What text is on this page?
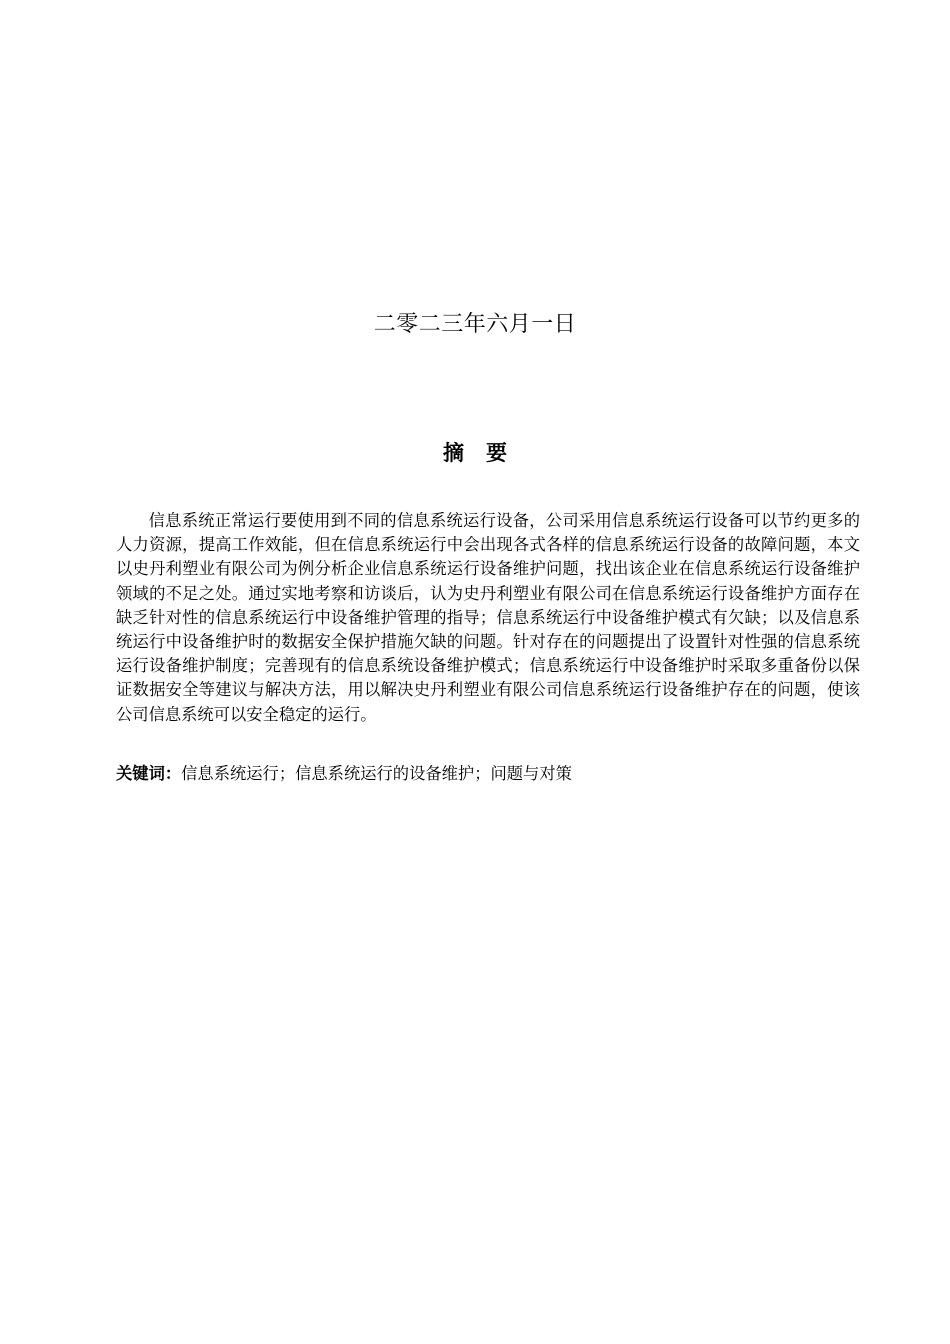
二零二三年六月一日
摘 要

信息系统正常运行要使用到不同的信息系统运行设备，公司采用信息系统运行设备可以节约更多的人力资源，提高工作效能，但在信息系统运行中会出现各式各样的信息系统运行设备的故障问题，本文以史丹利塑业有限公司为例分析企业信息系统运行设备维护问题，找出该企业在信息系统运行设备维护领域的不足之处。通过实地考察和访谈后，认为史丹利塑业有限公司在信息系统运行设备维护方面存在缺乏针对性的信息系统运行中设备维护管理的指导；信息系统运行中设备维护模式有欠缺；以及信息系统运行中设备维护时的数据安全保护措施欠缺的问题。针对存在的问题提出了设置针对性强的信息系统运行设备维护制度；完善现有的信息系统设备维护模式；信息系统运行中设备维护时采取多重备份以保证数据安全等建议与解决方法，用以解决史丹利塑业有限公司信息系统运行设备维护存在的问题，使该公司信息系统可以安全稳定的运行。

关键词：信息系统运行；信息系统运行的设备维护；问题与对策
